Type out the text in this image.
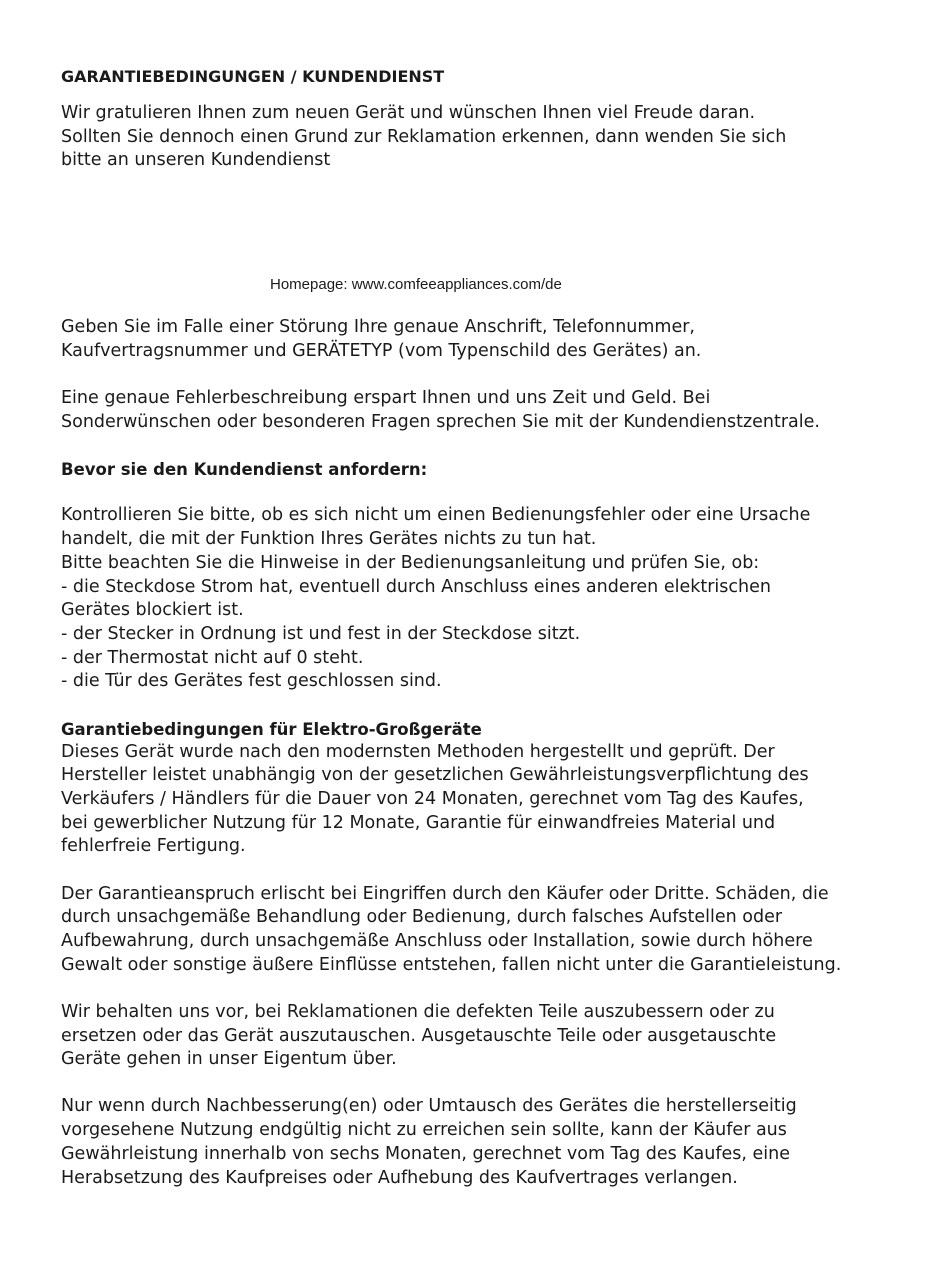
GARANTIEBEDINGUNGEN / KUNDENDIENST

Wir gratulieren Ihnen zum neuen Gerät und wünschen Ihnen viel Freude daran.
Sollten Sie dennoch einen Grund zur Reklamation erkennen, dann wenden Sie sich
bitte an unseren Kundendienst

Homepage: www.comfeeappliances.com/de

Geben Sie im Falle einer Störung Ihre genaue Anschrift, Telefonnummer,
Kaufvertragsnummer und GERÄTETYP (vom Typenschild des Gerätes) an.

Eine genaue Fehlerbeschreibung erspart Ihnen und uns Zeit und Geld. Bei
Sonderwünschen oder besonderen Fragen sprechen Sie mit der Kundendienstzentrale.

Bevor sie den Kundendienst anfordern:

Kontrollieren Sie bitte, ob es sich nicht um einen Bedienungsfehler oder eine Ursache
handelt, die mit der Funktion Ihres Gerätes nichts zu tun hat.
Bitte beachten Sie die Hinweise in der Bedienungsanleitung und prüfen Sie, ob:
- die Steckdose Strom hat, eventuell durch Anschluss eines anderen elektrischen
Gerätes blockiert ist.
- der Stecker in Ordnung ist und fest in der Steckdose sitzt.
- der Thermostat nicht auf 0 steht.
- die Tür des Gerätes fest geschlossen sind.

Garantiebedingungen für Elektro-Großgeräte

Dieses Gerät wurde nach den modernsten Methoden hergestellt und geprüft. Der
Hersteller leistet unabhängig von der gesetzlichen Gewährleistungsverpflichtung des
Verkäufers / Händlers für die Dauer von 24 Monaten, gerechnet vom Tag des Kaufes,
bei gewerblicher Nutzung für 12 Monate, Garantie für einwandfreies Material und
fehlerfreie Fertigung.

Der Garantieanspruch erlischt bei Eingriffen durch den Käufer oder Dritte. Schäden, die
durch unsachgemäße Behandlung oder Bedienung, durch falsches Aufstellen oder
Aufbewahrung, durch unsachgemäße Anschluss oder Installation, sowie durch höhere
Gewalt oder sonstige äußere Einflüsse entstehen, fallen nicht unter die Garantieleistung.

Wir behalten uns vor, bei Reklamationen die defekten Teile auszubessern oder zu
ersetzen oder das Gerät auszutauschen. Ausgetauschte Teile oder ausgetauschte
Geräte gehen in unser Eigentum über.

Nur wenn durch Nachbesserung(en) oder Umtausch des Gerätes die herstellerseitig
vorgesehene Nutzung endgültig nicht zu erreichen sein sollte, kann der Käufer aus
Gewährleistung innerhalb von sechs Monaten, gerechnet vom Tag des Kaufes, eine
Herabsetzung des Kaufpreises oder Aufhebung des Kaufvertrages verlangen.
